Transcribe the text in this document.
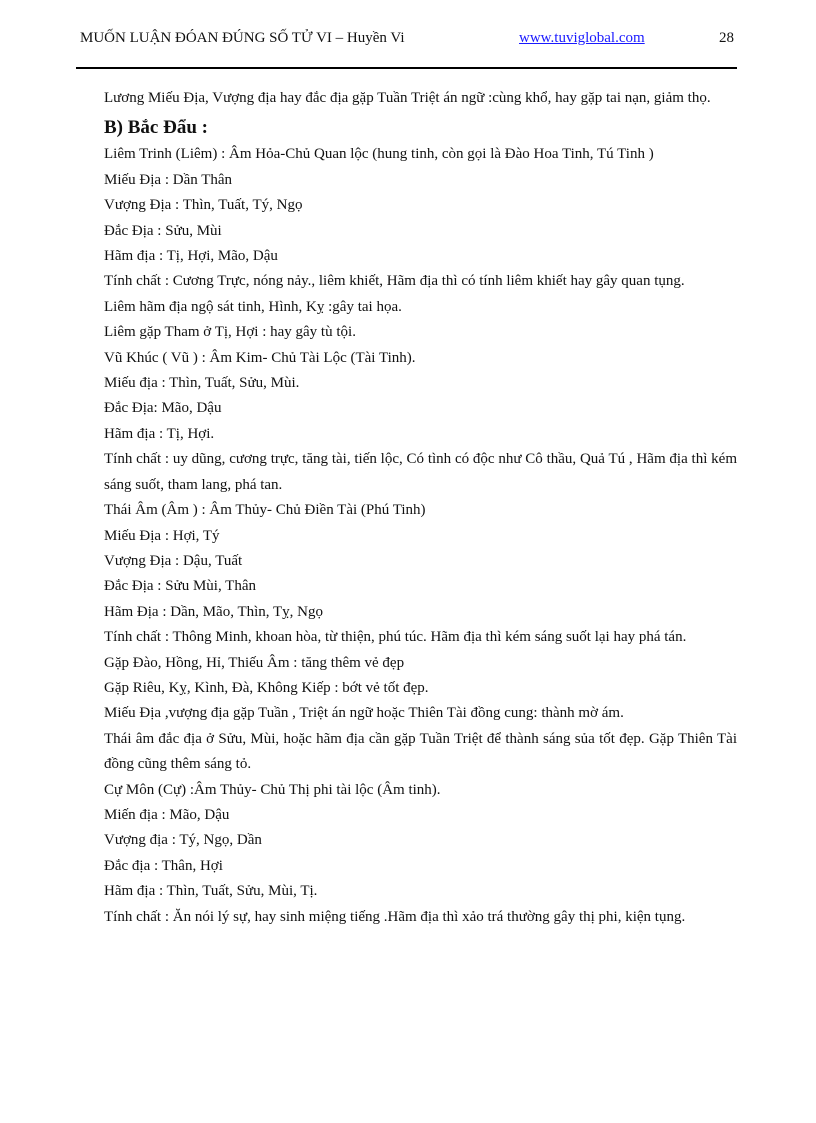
MUỐN LUẬN ĐÓAN ĐÚNG SỐ TỬ VI – Huyền Vi	www.tuviglobal.com	28

Lương Miếu Địa, Vượng địa hay đắc địa gặp Tuần Triệt án ngữ :cùng khổ, hay gặp tai nạn, giảm thọ.

B) Bắc Đẩu :

Liêm Trinh (Liêm) : Âm Hỏa-Chủ Quan lộc (hung tinh, còn gọi là Đào Hoa Tinh, Tú Tinh )

Miếu Địa : Dần Thân

Vượng Địa : Thìn, Tuất, Tý, Ngọ

Đắc Địa : Sửu, Mùi

Hãm địa : Tị, Hợi, Mão, Dậu

Tính chất : Cương Trực, nóng nảy., liêm khiết, Hãm địa thì có tính liêm khiết hay gây quan tụng.

Liêm hãm địa ngộ sát tinh, Hình, Kỵ :gây tai họa.

Liêm gặp Tham ở Tị, Hợi : hay gây tù tội.

Vũ Khúc ( Vũ ) : Âm Kim- Chủ Tài Lộc (Tài Tinh).

Miếu địa : Thìn, Tuất, Sửu, Mùi.

Đắc Địa: Mão, Dậu

Hãm địa : Tị, Hợi.

Tính chất : uy dũng, cương trực, tăng tài, tiến lộc, Có tình có độc như Cô thầu, Quả Tú , Hãm địa thì kém sáng suốt, tham lang, phá tan.

Thái Âm (Âm ) : Âm Thủy- Chủ Điền Tài (Phú Tinh)

Miếu Địa : Hợi, Tý

Vượng Địa : Dậu, Tuất

Đắc Địa : Sửu Mùi, Thân

Hãm Địa : Dần, Mão, Thìn, Tỵ, Ngọ

Tính chất : Thông Minh, khoan hòa, từ thiện, phú túc. Hãm địa thì kém sáng suốt lại hay phá tán.

Gặp Đào, Hồng, Hỉ, Thiếu Âm : tăng thêm vẻ đẹp

Gặp Riêu, Kỵ, Kình, Đà, Không Kiếp : bớt vẻ tốt đẹp.

Miếu Địa ,vượng địa gặp Tuần , Triệt án ngữ hoặc Thiên Tài đồng cung: thành mờ ám.

Thái âm đắc địa ở Sửu, Mùi, hoặc hãm địa cần gặp Tuần Triệt để thành sáng sủa tốt đẹp. Gặp Thiên Tài đồng cũng thêm sáng tỏ.

Cự Môn (Cự) :Âm Thủy- Chủ Thị phi tài lộc (Âm tinh).

Miến địa : Mão, Dậu

Vượng địa : Tý, Ngọ, Dần

Đắc địa : Thân, Hợi

Hãm địa : Thìn, Tuất, Sửu, Mùi, Tị.

Tính chất : Ăn nói lý sự, hay sinh miệng tiếng .Hãm địa thì xảo trá thường gây thị phi, kiện tụng.
